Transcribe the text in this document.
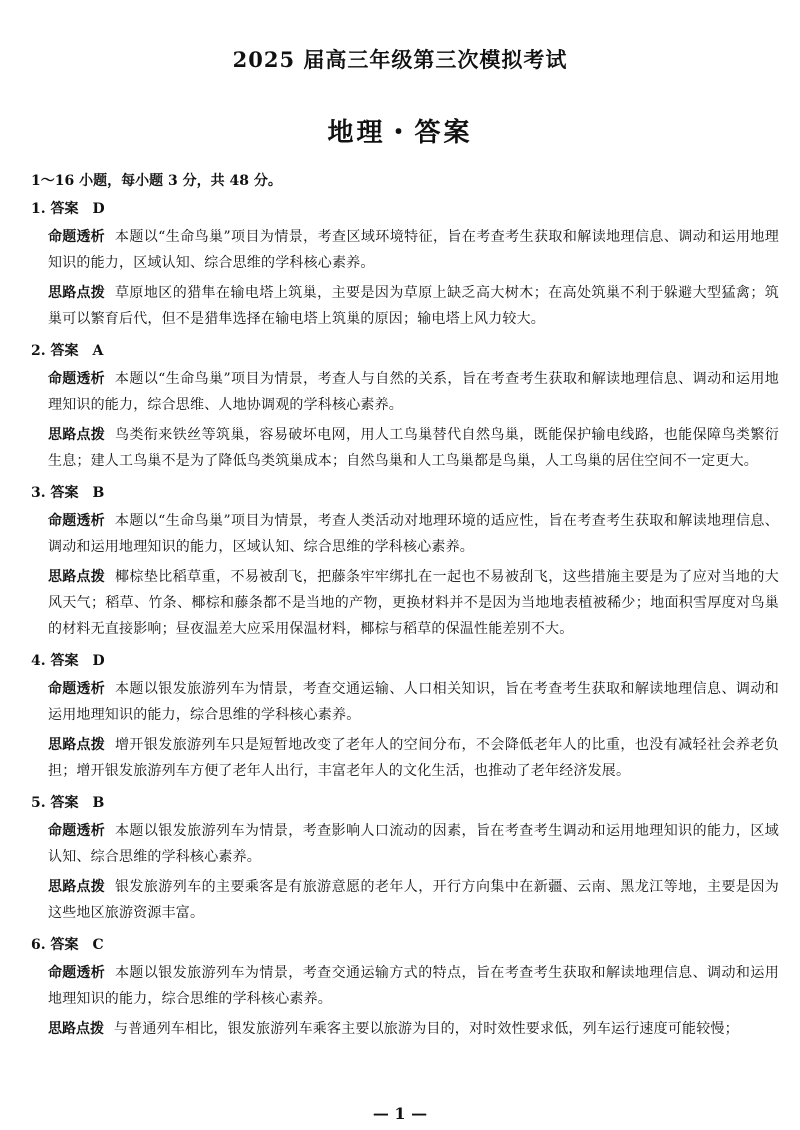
2025 届高三年级第三次模拟考试
地理・答案
1～16 小题，每小题 3 分，共 48 分。
1. 答案 D
命题透析 本题以“生命鸟巢”项目为情景，考查区域环境特征，旨在考查考生获取和解读地理信息、调动和运用地理知识的能力，区域认知、综合思维的学科核心素养。
思路点拨 草原地区的猎隼在输电塔上筑巢，主要是因为草原上缺乏高大树木；在高处筑巢不利于躲避大型猛禽；筑巢可以繁育后代，但不是猎隼选择在输电塔上筑巢的原因；输电塔上风力较大。
2. 答案 A
命题透析 本题以“生命鸟巢”项目为情景，考查人与自然的关系，旨在考查考生获取和解读地理信息、调动和运用地理知识的能力，综合思维、人地协调观的学科核心素养。
思路点拨 鸟类衔来铁丝等筑巢，容易破坏电网，用人工鸟巢替代自然鸟巢，既能保护输电线路，也能保障鸟类繁衍生息；建人工鸟巢不是为了降低鸟类筑巢成本；自然鸟巢和人工鸟巢都是鸟巢，人工鸟巢的居住空间不一定更大。
3. 答案 B
命题透析 本题以“生命鸟巢”项目为情景，考查人类活动对地理环境的适应性，旨在考查考生获取和解读地理信息、调动和运用地理知识的能力，区域认知、综合思维的学科核心素养。
思路点拨 椰棕垫比稻草重，不易被刮飞，把藤条牢牢绑扎在一起也不易被刮飞，这些措施主要是为了应对当地的大风天气；稻草、竹条、椰棕和藤条都不是当地的产物，更换材料并不是因为当地地表植被稀少；地面积雪厚度对鸟巢的材料无直接影响；昼夜温差大应采用保温材料，椰棕与稻草的保温性能差别不大。
4. 答案 D
命题透析 本题以银发旅游列车为情景，考查交通运输、人口相关知识，旨在考查考生获取和解读地理信息、调动和运用地理知识的能力，综合思维的学科核心素养。
思路点拨 增开银发旅游列车只是短暂地改变了老年人的空间分布，不会降低老年人的比重，也没有减轻社会养老负担；增开银发旅游列车方便了老年人出行，丰富老年人的文化生活，也推动了老年经济发展。
5. 答案 B
命题透析 本题以银发旅游列车为情景，考查影响人口流动的因素，旨在考查考生调动和运用地理知识的能力，区域认知、综合思维的学科核心素养。
思路点拨 银发旅游列车的主要乘客是有旅游意愿的老年人，开行方向集中在新疆、云南、黑龙江等地，主要是因为这些地区旅游资源丰富。
6. 答案 C
命题透析 本题以银发旅游列车为情景，考查交通运输方式的特点，旨在考查考生获取和解读地理信息、调动和运用地理知识的能力，综合思维的学科核心素养。
思路点拨 与普通列车相比，银发旅游列车乘客主要以旅游为目的，对时效性要求低，列车运行速度可能较慢；
— 1 —
